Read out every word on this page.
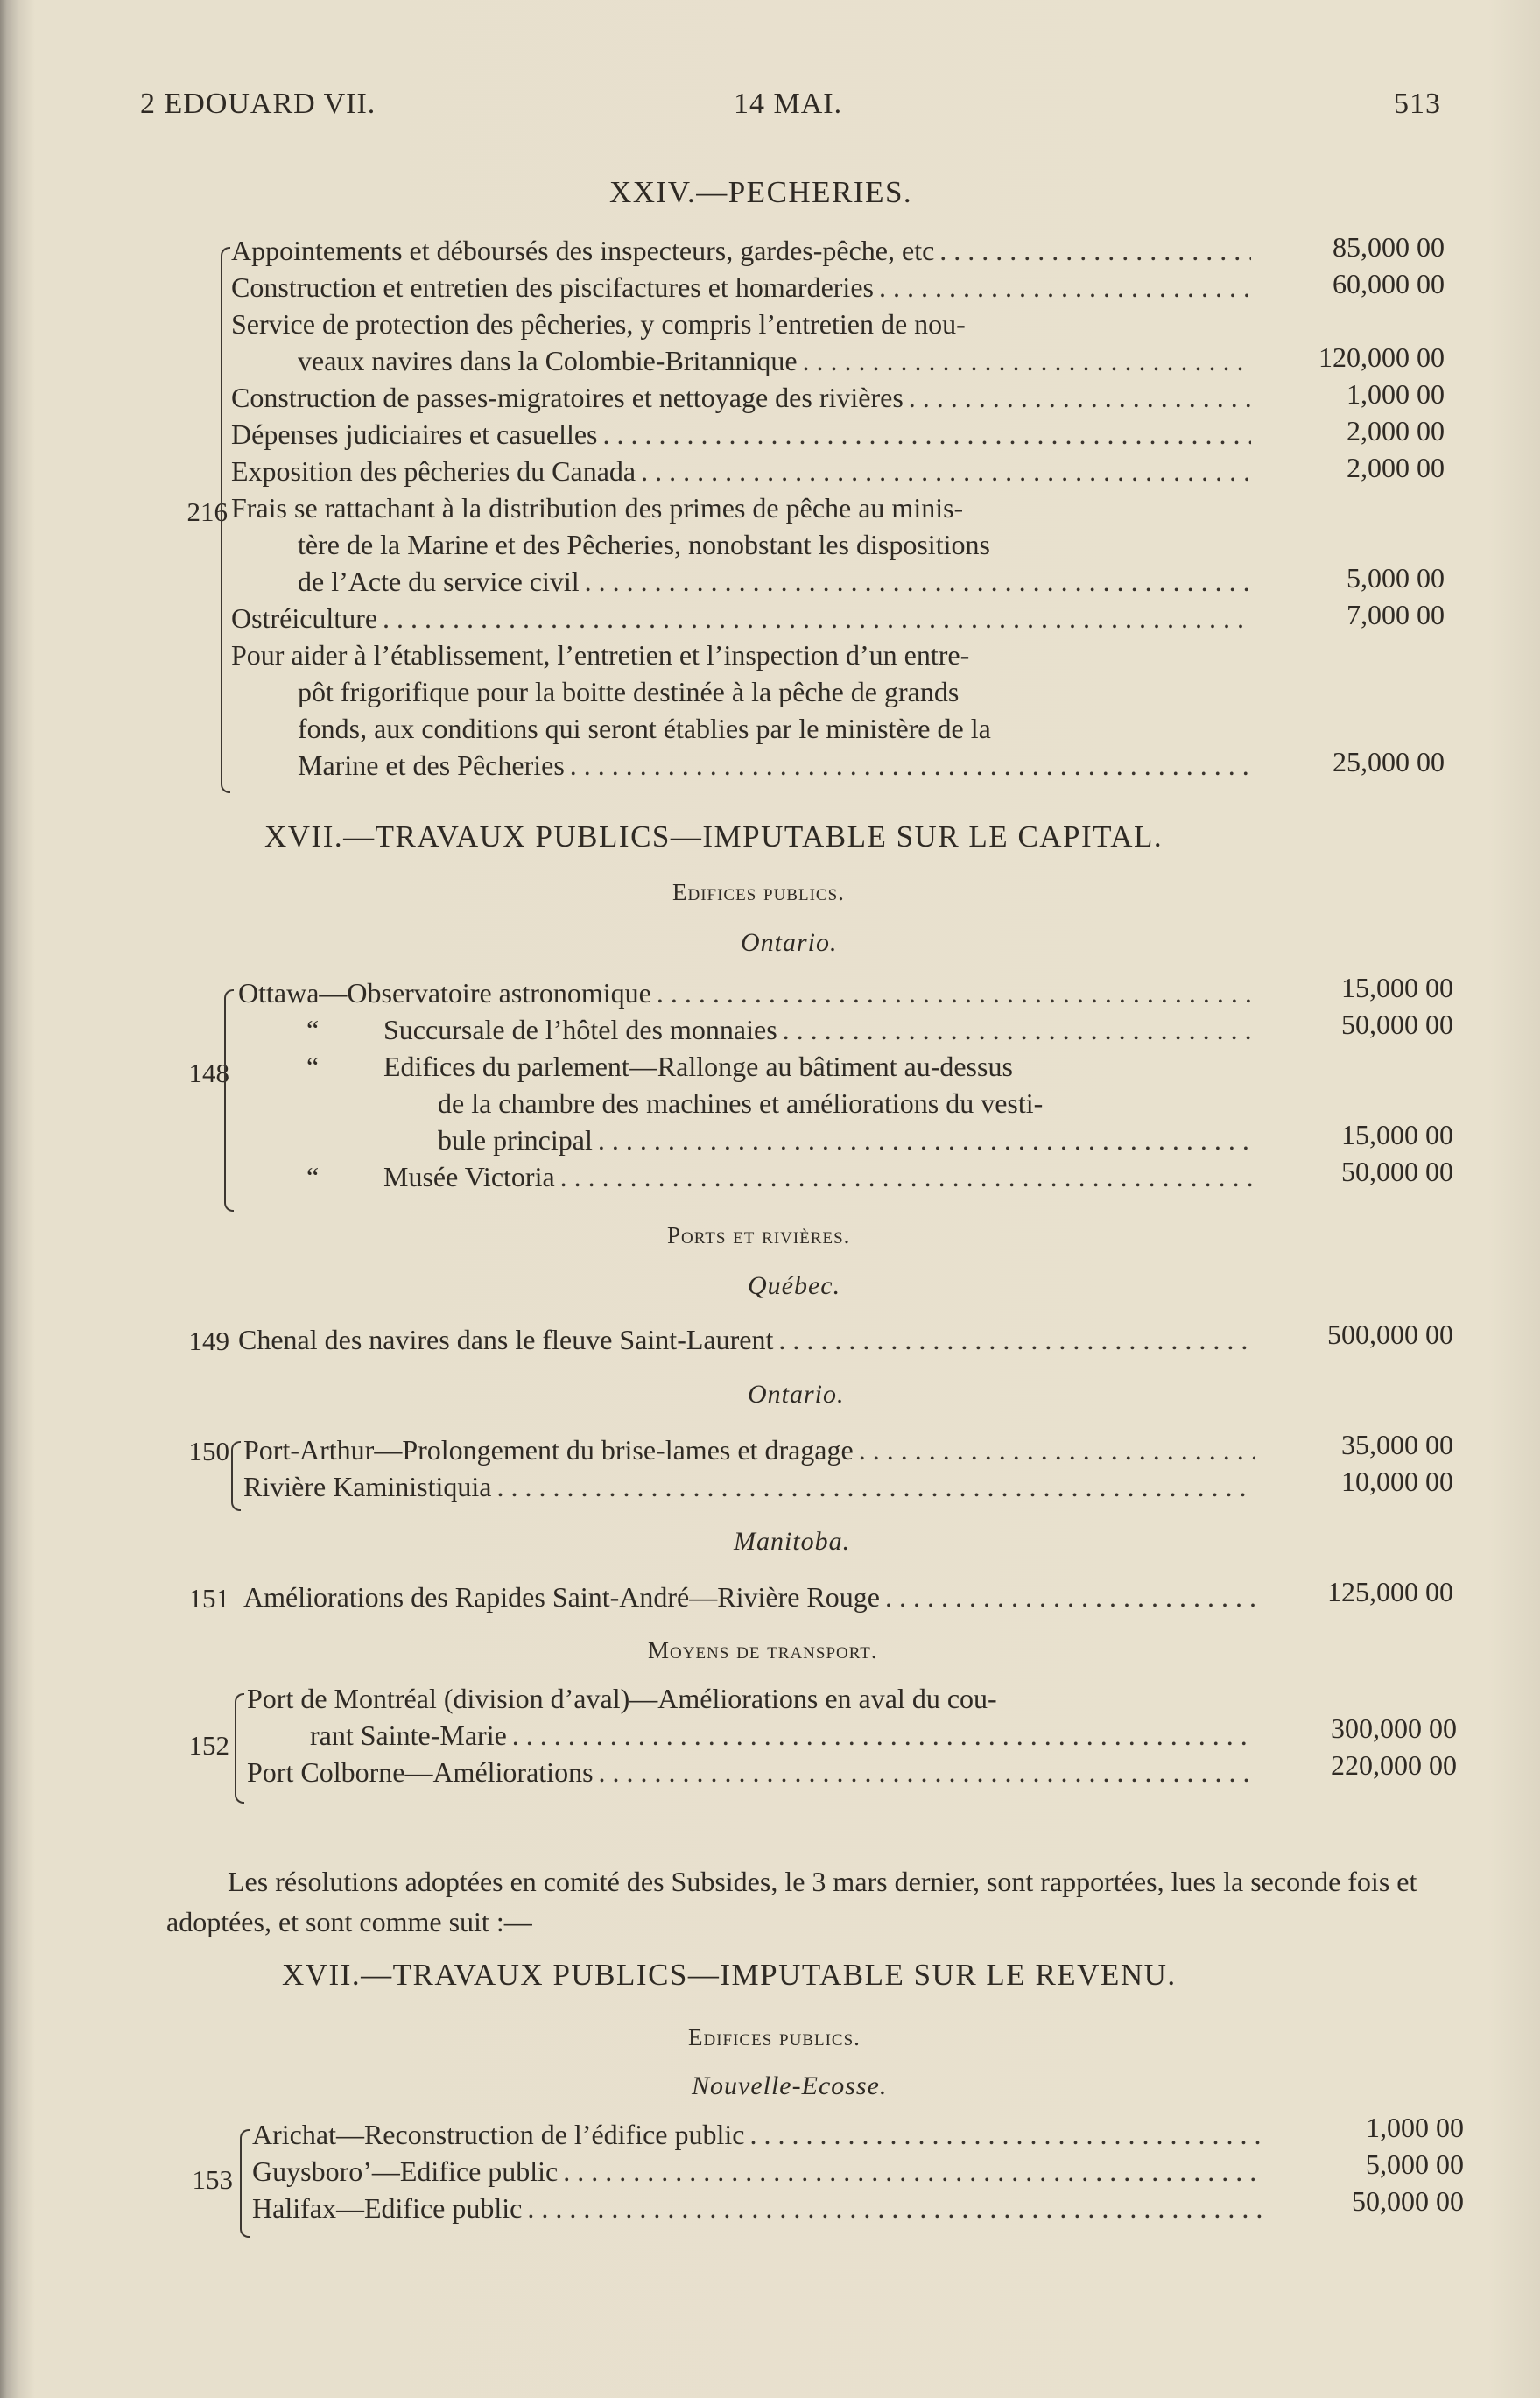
2 EDOUARD VII.	14 MAI.	513
XXIV.—PECHERIES.
216
Appointements et déboursés des inspecteurs, gardes-pêche, etc . . .	85,000 00
Construction et entretien des piscifactures et homarderies . . .	60,000 00
Service de protection des pêcheries, y compris l’entretien de nou-
veaux navires dans la Colombie-Britannique . . .	120,000 00
Construction de passes-migratoires et nettoyage des rivières . . .	1,000 00
Dépenses judiciaires et casuelles . . .	2,000 00
Exposition des pêcheries du Canada . . .	2,000 00
Frais se rattachant à la distribution des primes de pêche au minis-
tère de la Marine et des Pêcheries, nonobstant les dispositions
de l’Acte du service civil . . .	5,000 00
Ostréiculture . . .	7,000 00
Pour aider à l’établissement, l’entretien et l’inspection d’un entre-
pôt frigorifique pour la boitte destinée à la pêche de grands
fonds, aux conditions qui seront établies par le ministère de la
Marine et des Pêcheries . . .	25,000 00
XVII.—TRAVAUX PUBLICS—IMPUTABLE SUR LE CAPITAL.
Edifices publics.
Ontario.
148
Ottawa—Observatoire astronomique . . .	15,000 00
“ Succursale de l’hôtel des monnaies . . .	50,000 00
“ Edifices du parlement—Rallonge au bâtiment au-dessus
de la chambre des machines et améliorations du vesti-
bule principal . . .	15,000 00
“ Musée Victoria . . .	50,000 00
Ports et rivières.
Québec.
149 Chenal des navires dans le fleuve Saint-Laurent . . .	500,000 00
Ontario.
150 Port-Arthur—Prolongement du brise-lames et dragage . . .	35,000 00
Rivière Kaministiquia . . .	10,000 00
Manitoba.
151 Améliorations des Rapides Saint-André—Rivière Rouge . . .	125,000 00
Moyens de transport.
152
Port de Montréal (division d’aval)—Améliorations en aval du cou-
rant Sainte-Marie . . .	300,000 00
Port Colborne—Améliorations . . .	220,000 00
Les résolutions adoptées en comité des Subsides, le 3 mars dernier, sont rapportées, lues la seconde fois et adoptées, et sont comme suit :—
XVII.—TRAVAUX PUBLICS—IMPUTABLE SUR LE REVENU.
Edifices publics.
Nouvelle-Ecosse.
153
Arichat—Reconstruction de l’édifice public . . .	1,000 00
Guysboro’—Edifice public . . .	5,000 00
Halifax—Edifice public . . .	50,000 00
